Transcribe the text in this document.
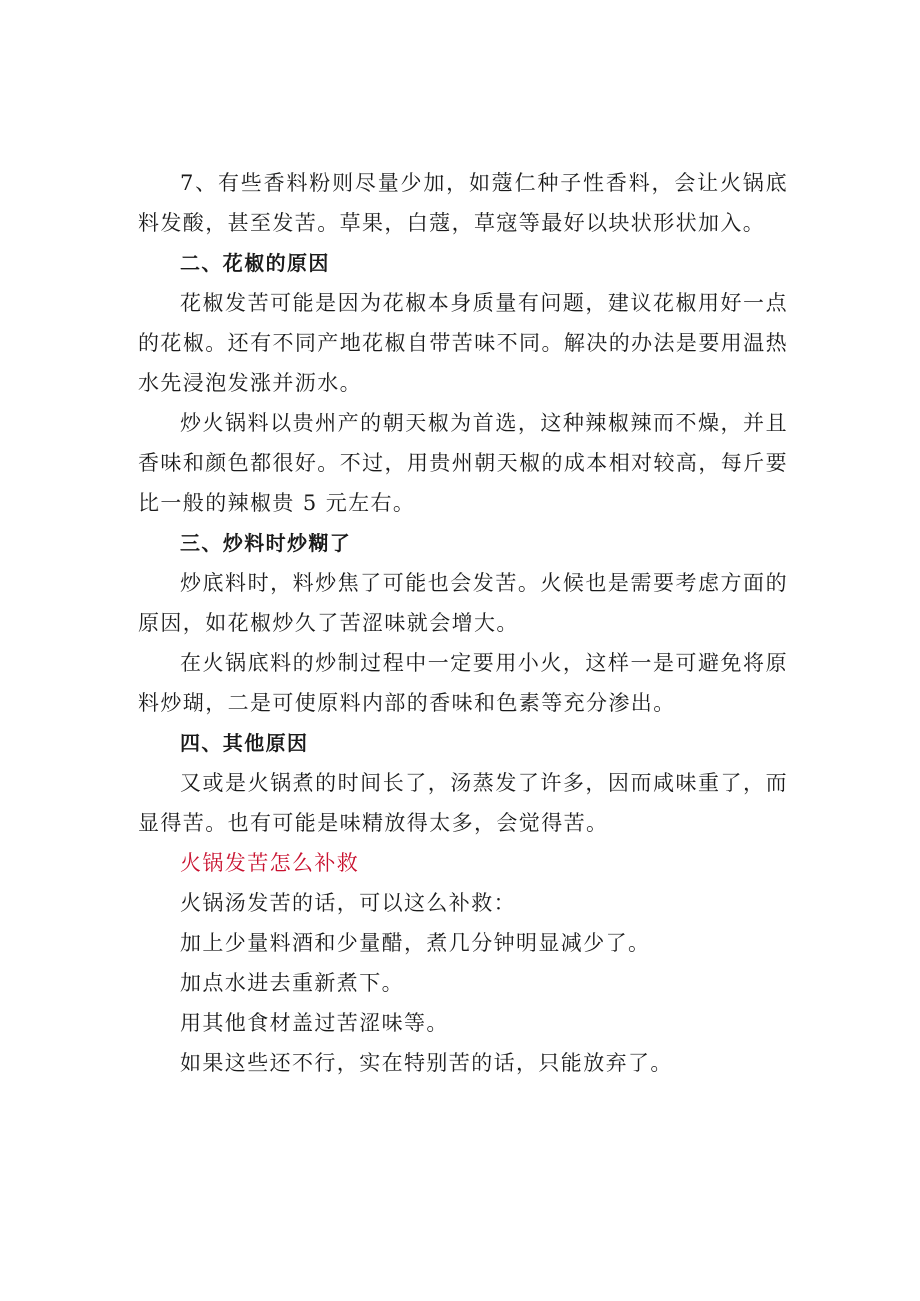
7、有些香料粉则尽量少加，如蔻仁种子性香料，会让火锅底料发酸，甚至发苦。草果，白蔻，草寇等最好以块状形状加入。

二、花椒的原因

花椒发苦可能是因为花椒本身质量有问题，建议花椒用好一点的花椒。还有不同产地花椒自带苦味不同。解决的办法是要用温热水先浸泡发涨并沥水。

炒火锅料以贵州产的朝天椒为首选，这种辣椒辣而不燥，并且香味和颜色都很好。不过，用贵州朝天椒的成本相对较高，每斤要比一般的辣椒贵 5 元左右。

三、炒料时炒糊了

炒底料时，料炒焦了可能也会发苦。火候也是需要考虑方面的原因，如花椒炒久了苦涩味就会增大。

在火锅底料的炒制过程中一定要用小火，这样一是可避免将原料炒瑚，二是可使原料内部的香味和色素等充分渗出。

四、其他原因

又或是火锅煮的时间长了，汤蒸发了许多，因而咸味重了，而显得苦。也有可能是味精放得太多，会觉得苦。

火锅发苦怎么补救

火锅汤发苦的话，可以这么补救：

加上少量料酒和少量醋，煮几分钟明显减少了。

加点水进去重新煮下。

用其他食材盖过苦涩味等。

如果这些还不行，实在特别苦的话，只能放弃了。
